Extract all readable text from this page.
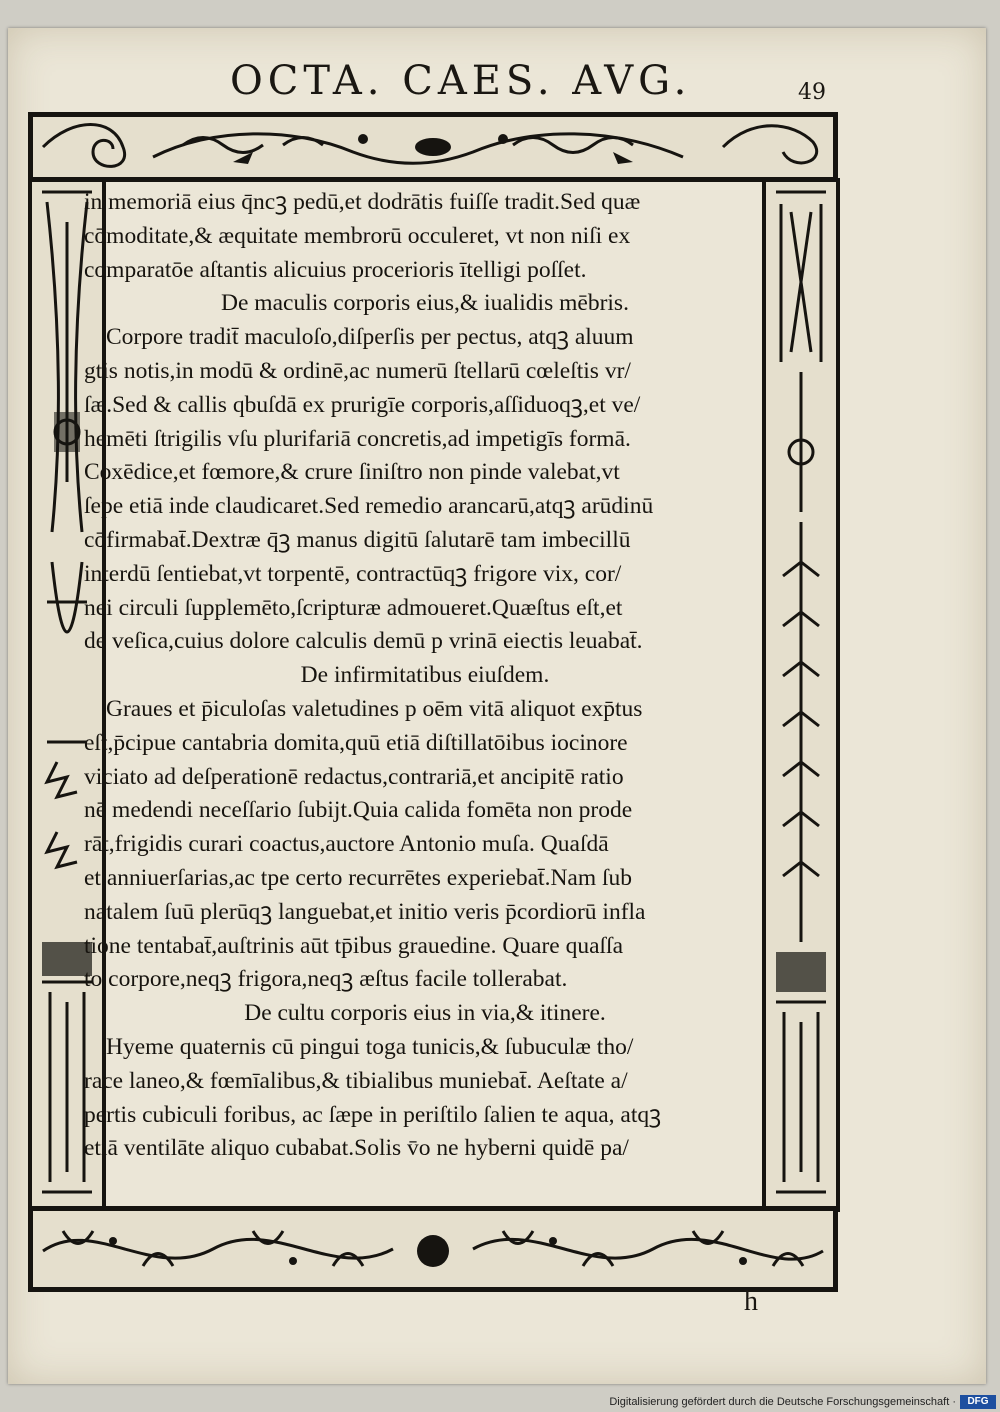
OCTA. CAES. AVG.	49
in memoriā eius q̄ncꝫ pedū,et dodrātis fuiſſe tradit.Sed quæ
cōmoditate,& æquitate membrorū occuleret, vt non niſi ex
comparatōe aſtantis alicuius procerioris ītelligi poſſet.
De maculis corporis eius,& iualidis mēbris.
Corpore tradit̄ maculoſo,diſperſis per pectus, atqꝫ aluum
gtis notis,in modū & ordinē,ac numerū ſtellarū cœleſtis vr/
ſæ.Sed & callis qbuſdā ex prurigīe corporis,aſſiduoqꝫ,et ve/
hemēti ſtrigilis vſu plurifariā concretis,ad impetigīs formā.
Coxēdice,et fœmore,& crure ſiniſtro non pinde valebat,vt
ſepe etiā inde claudicaret.Sed remedio arancarū,atqꝫ arūdinū
cōfirmabat̄.Dextræ q̄ꝫ manus digitū ſalutarē tam imbecillū
interdū ſentiebat,vt torpentē, contractūqꝫ frigore vix, cor/
nei circuli ſupplemēto,ſcripturæ admoueret.Quæſtus eſt,et
de veſica,cuius dolore calculis demū p vrinā eiectis leuabat̄.
De infirmitatibus eiuſdem.
Graues et p̄iculoſas valetudines p oēm vitā aliquot exp̄tus
eſt,p̄cipue cantabria domita,quū etiā diſtillatōibus iocinore
viciato ad deſperationē redactus,contrariā,et ancipitē ratio
nē medendi neceſſario ſubijt.Quia calida fomēta non prode
rāt,frigidis curari coactus,auctore Antonio muſa. Quaſdā
et anniuerſarias,ac tpe certo recurrētes experiebat̄.Nam ſub
natalem ſuū plerūqꝫ languebat,et initio veris p̄cordiorū infla
tione tentabat̄,auſtrinis aūt tp̄ibus grauedine. Quare quaſſa
to corpore,neqꝫ frigora,neqꝫ æſtus facile tollerabat.
De cultu corporis eius in via,& itinere.
Hyeme quaternis cū pingui toga tunicis,& ſubuculæ tho/
race laneo,& fœmīalibus,& tibialibus muniebat̄. Aeſtate a/
pertis cubiculi foribus, ac ſæpe in periſtilo ſalien te aqua, atqꝫ
etiā ventilāte aliquo cubabat.Solis v̄o ne hyberni quidē pa/
h
Digitalisierung gefördert durch die Deutsche Forschungsgemeinschaft ·	DFG
